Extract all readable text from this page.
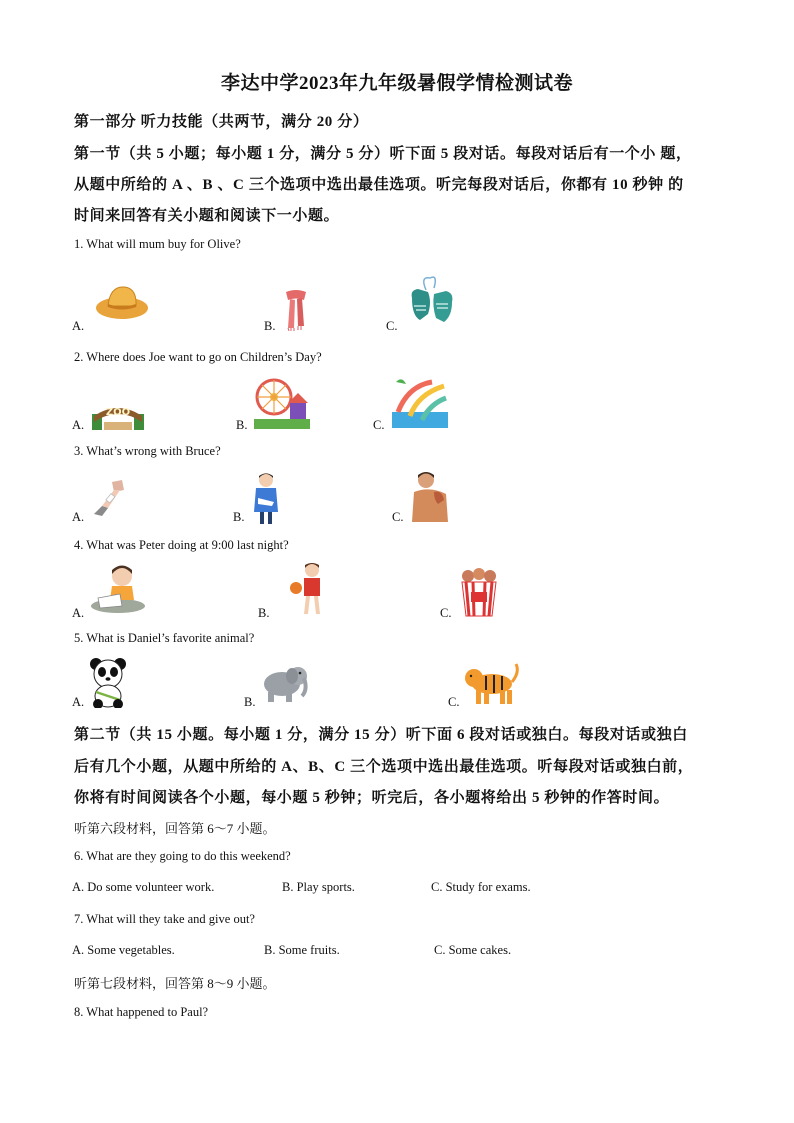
李达中学2023年九年级暑假学情检测试卷
第一部分 听力技能（共两节，满分 20 分）
第一节（共 5 小题；每小题 1 分，满分 5 分）听下面 5 段对话。每段对话后有一个小 题，
从题中所给的 A 、B 、C 三个选项中选出最佳选项。听完每段对话后，你都有 10 秒钟 的
时间来回答有关小题和阅读下一小题。
1. What will mum buy for Olive?
A.	B.	C.
2. Where does Joe want to go on Children’s Day?
A.
ZOO
B.	C.
3. What’s wrong with Bruce?
A.	B.	C.
4. What was Peter doing at 9:00 last night?
A.	B.	C.
5. What is Daniel’s favorite animal?
A.	B.	C.
第二节（共 15 小题。每小题 1 分，满分 15 分）听下面 6 段对话或独白。每段对话或独白
后有几个小题，从题中所给的 A、B、C 三个选项中选出最佳选项。听每段对话或独白前，
你将有时间阅读各个小题，每小题 5 秒钟；听完后，各小题将给出 5 秒钟的作答时间。
听第六段材料，回答第 6～7 小题。
6. What are they going to do this weekend?
A. Do some volunteer work.	B. Play sports.	C. Study for exams.
7. What will they take and give out?
A. Some vegetables.	B. Some fruits.	C. Some cakes.
听第七段材料，回答第 8～9 小题。
8. What happened to Paul?
